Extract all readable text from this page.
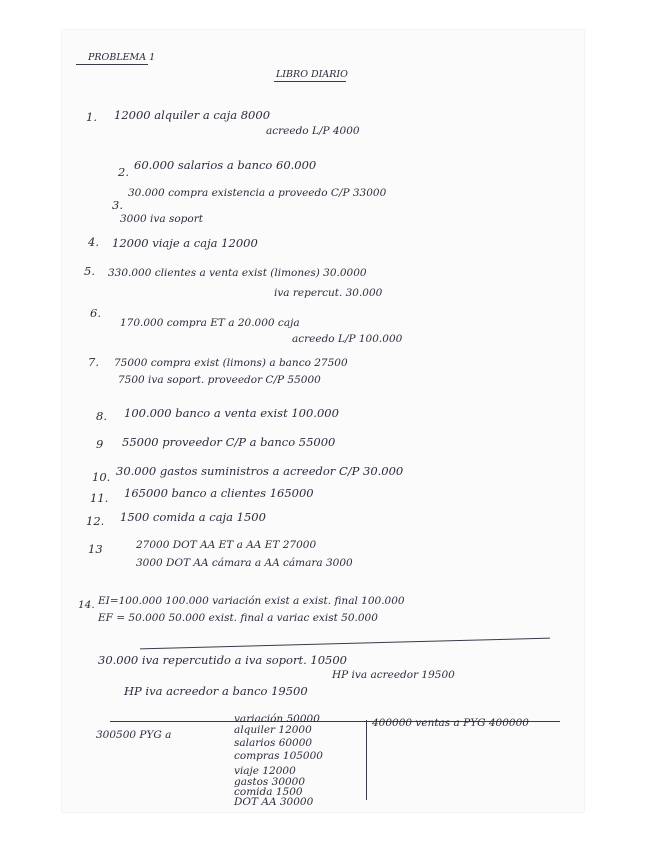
PROBLEMA 1
LIBRO DIARIO
1. 12000 alquiler a caja 8000
acreedo L/P 4000
2. 60.000 salarios a banco 60.000
3.
30.000 compra existencia a proveedo C/P 33000
3000 iva soport
4. 12000 viaje a caja 12000
5. 330.000 clientes a venta exist (limones) 30.0000
iva repercut. 30.000
6.
170.000 compra ET a 20.000 caja
acreedo L/P 100.000
7. 75000 compra exist (limons) a banco 27500
7500 iva soport. proveedor C/P 55000
8. 100.000 banco a venta exist 100.000
9 55000 proveedor C/P a banco 55000
10. 30.000 gastos suministros a acreedor C/P 30.000
11. 165000 banco a clientes 165000
12. 1500 comida a caja 1500
13	27000 DOT AA ET a AA ET 27000
3000 DOT AA cámara a AA cámara 3000
14. EI=100.000 100.000 variación exist a exist. final 100.000
EF = 50.000 50.000 exist. final a variac exist 50.000
30.000 iva repercutido a iva soport. 10500
HP iva acreedor 19500
HP iva acreedor a banco 19500
300500 PYG a
variación 50000
alquiler 12000
salarios 60000
compras 105000
viaje 12000
gastos 30000
comida 1500
DOT AA 30000
400000 ventas a PYG 400000
